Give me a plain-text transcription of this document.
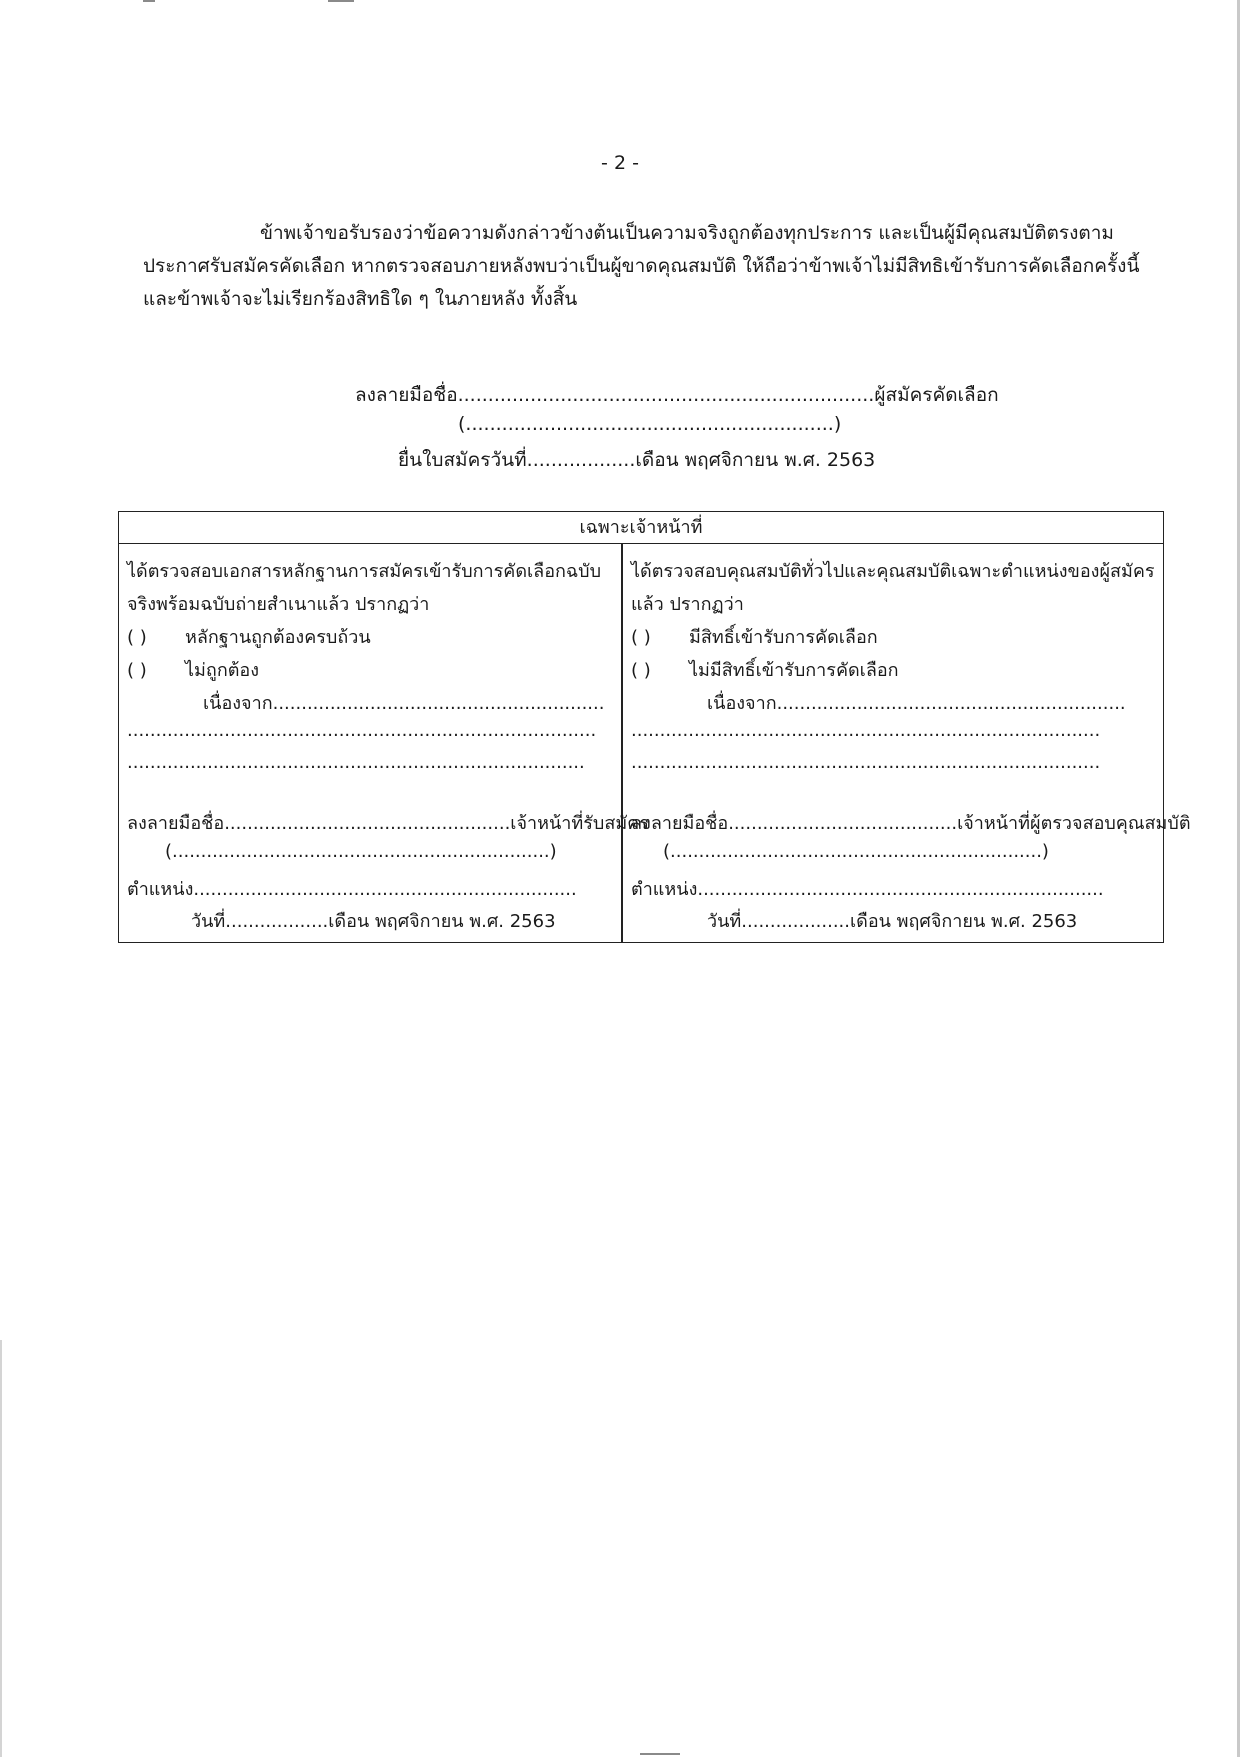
- 2 -
ข้าพเจ้าขอรับรองว่าข้อความดังกล่าวข้างต้นเป็นความจริงถูกต้องทุกประการ และเป็นผู้มีคุณสมบัติตรงตาม
ประกาศรับสมัครคัดเลือก หากตรวจสอบภายหลังพบว่าเป็นผู้ขาดคุณสมบัติ ให้ถือว่าข้าพเจ้าไม่มีสิทธิเข้ารับการคัดเลือกครั้งนี้
และข้าพเจ้าจะไม่เรียกร้องสิทธิใด ๆ ในภายหลัง ทั้งสิ้น
ลงลายมือชื่อ.....................................................................ผู้สมัครคัดเลือก
(.............................................................)
ยื่นใบสมัครวันที่..................เดือน พฤศจิกายน พ.ศ. 2563
เฉพาะเจ้าหน้าที่
ได้ตรวจสอบเอกสารหลักฐานการสมัครเข้ารับการคัดเลือกฉบับ
จริงพร้อมฉบับถ่ายสำเนาแล้ว ปรากฏว่า
( ) หลักฐานถูกต้องครบถ้วน
( ) ไม่ถูกต้อง
เนื่องจาก..........................................................
..................................................................................
................................................................................
ลงลายมือชื่อ..................................................เจ้าหน้าที่รับสมัคร
(..................................................................)
ตำแหน่ง...................................................................
วันที่..................เดือน พฤศจิกายน พ.ศ. 2563
ได้ตรวจสอบคุณสมบัติทั่วไปและคุณสมบัติเฉพาะตำแหน่งของผู้สมัคร
แล้ว ปรากฏว่า
( ) มีสิทธิ์เข้ารับการคัดเลือก
( ) ไม่มีสิทธิ์เข้ารับการคัดเลือก
เนื่องจาก.............................................................
..................................................................................
..................................................................................
ลงลายมือชื่อ........................................เจ้าหน้าที่ผู้ตรวจสอบคุณสมบัติ
(.................................................................)
ตำแหน่ง.......................................................................
วันที่...................เดือน พฤศจิกายน พ.ศ. 2563
